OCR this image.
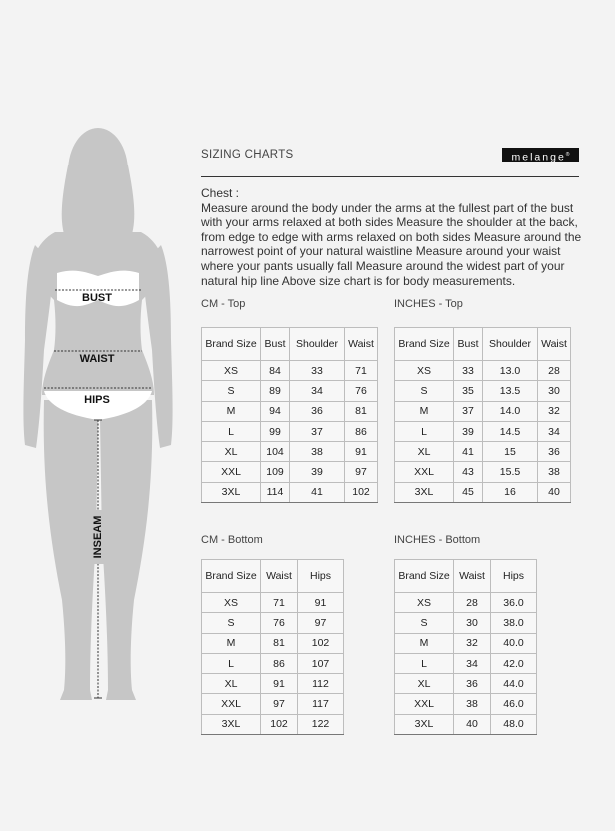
BUST
WAIST
HIPS
INSEAM
SIZING CHARTS	melange®
Chest :
Measure around the body under the arms at the fullest part of the bust with your arms relaxed at both sides Measure the shoulder at the back, from edge to edge with arms relaxed on both sides Measure around the narrowest point of your natural waistline Measure around your waist where your pants usually fall Measure around the widest part of your natural hip line Above size chart is for body measurements.
CM - Top
Brand Size	Bust	Shoulder	Waist
XS	84	33	71
S	89	34	76
M	94	36	81
L	99	37	86
XL	104	38	91
XXL	109	39	97
3XL	114	41	102
INCHES - Top
Brand Size	Bust	Shoulder	Waist
XS	33	13.0	28
S	35	13.5	30
M	37	14.0	32
L	39	14.5	34
XL	41	15	36
XXL	43	15.5	38
3XL	45	16	40
CM - Bottom
Brand Size	Waist	Hips
XS	71	91
S	76	97
M	81	102
L	86	107
XL	91	112
XXL	97	117
3XL	102	122
INCHES - Bottom
Brand Size	Waist	Hips
XS	28	36.0
S	30	38.0
M	32	40.0
L	34	42.0
XL	36	44.0
XXL	38	46.0
3XL	40	48.0
